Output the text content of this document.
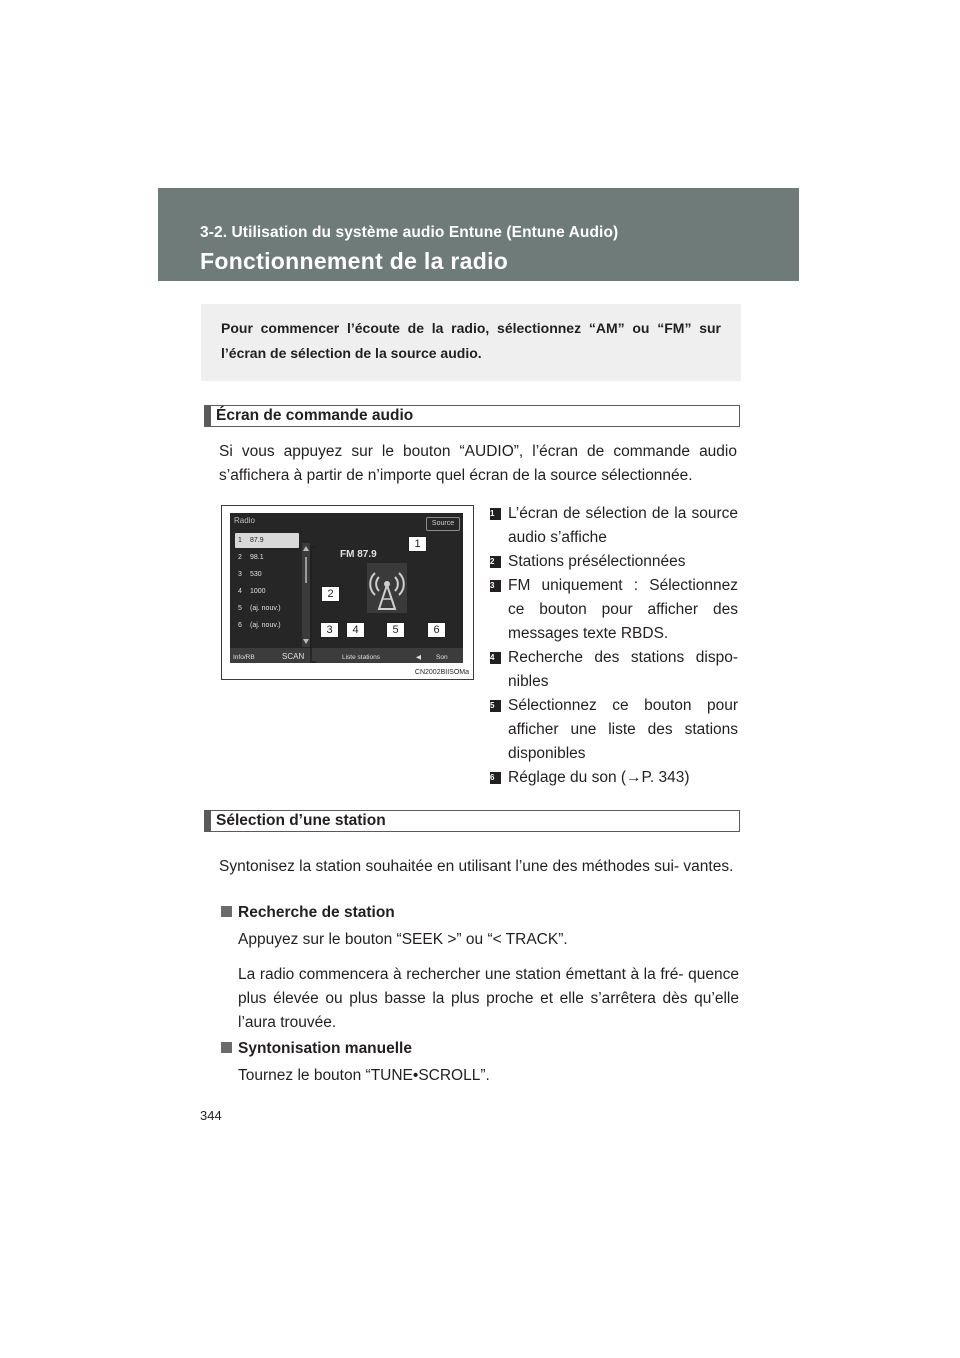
3-2. Utilisation du système audio Entune (Entune Audio)
Fonctionnement de la radio
Pour commencer l’écoute de la radio, sélectionnez “AM” ou “FM” sur l’écran de sélection de la source audio.
Écran de commande audio
Si vous appuyez sur le bouton “AUDIO”, l’écran de commande audio s’affichera à partir de n’importe quel écran de la source sélectionnée.
Radio	Source
1 87.9
2 98.1
3 530
4 1000
5 (aj. nouv.)
6 (aj. nouv.)
FM 87.9
Info/RB	SCAN	Liste stations	◀ Son
1
2
3	4	5	6
CN2002BIISOMa
1 L’écran de sélection de la source audio s’affiche
2 Stations présélectionnées
3 FM uniquement : Sélectionnez ce bouton pour afficher des messages texte RBDS.
4 Recherche des stations dispo- nibles
5 Sélectionnez ce bouton pour afficher une liste des stations disponibles
6 Réglage du son (→P. 343)
Sélection d’une station
Syntonisez la station souhaitée en utilisant l’une des méthodes sui- vantes.
Recherche de station
Appuyez sur le bouton “SEEK >” ou “< TRACK”.
La radio commencera à rechercher une station émettant à la fré- quence plus élevée ou plus basse la plus proche et elle s’arrêtera dès qu’elle l’aura trouvée.
Syntonisation manuelle
Tournez le bouton “TUNE•SCROLL”.
344
